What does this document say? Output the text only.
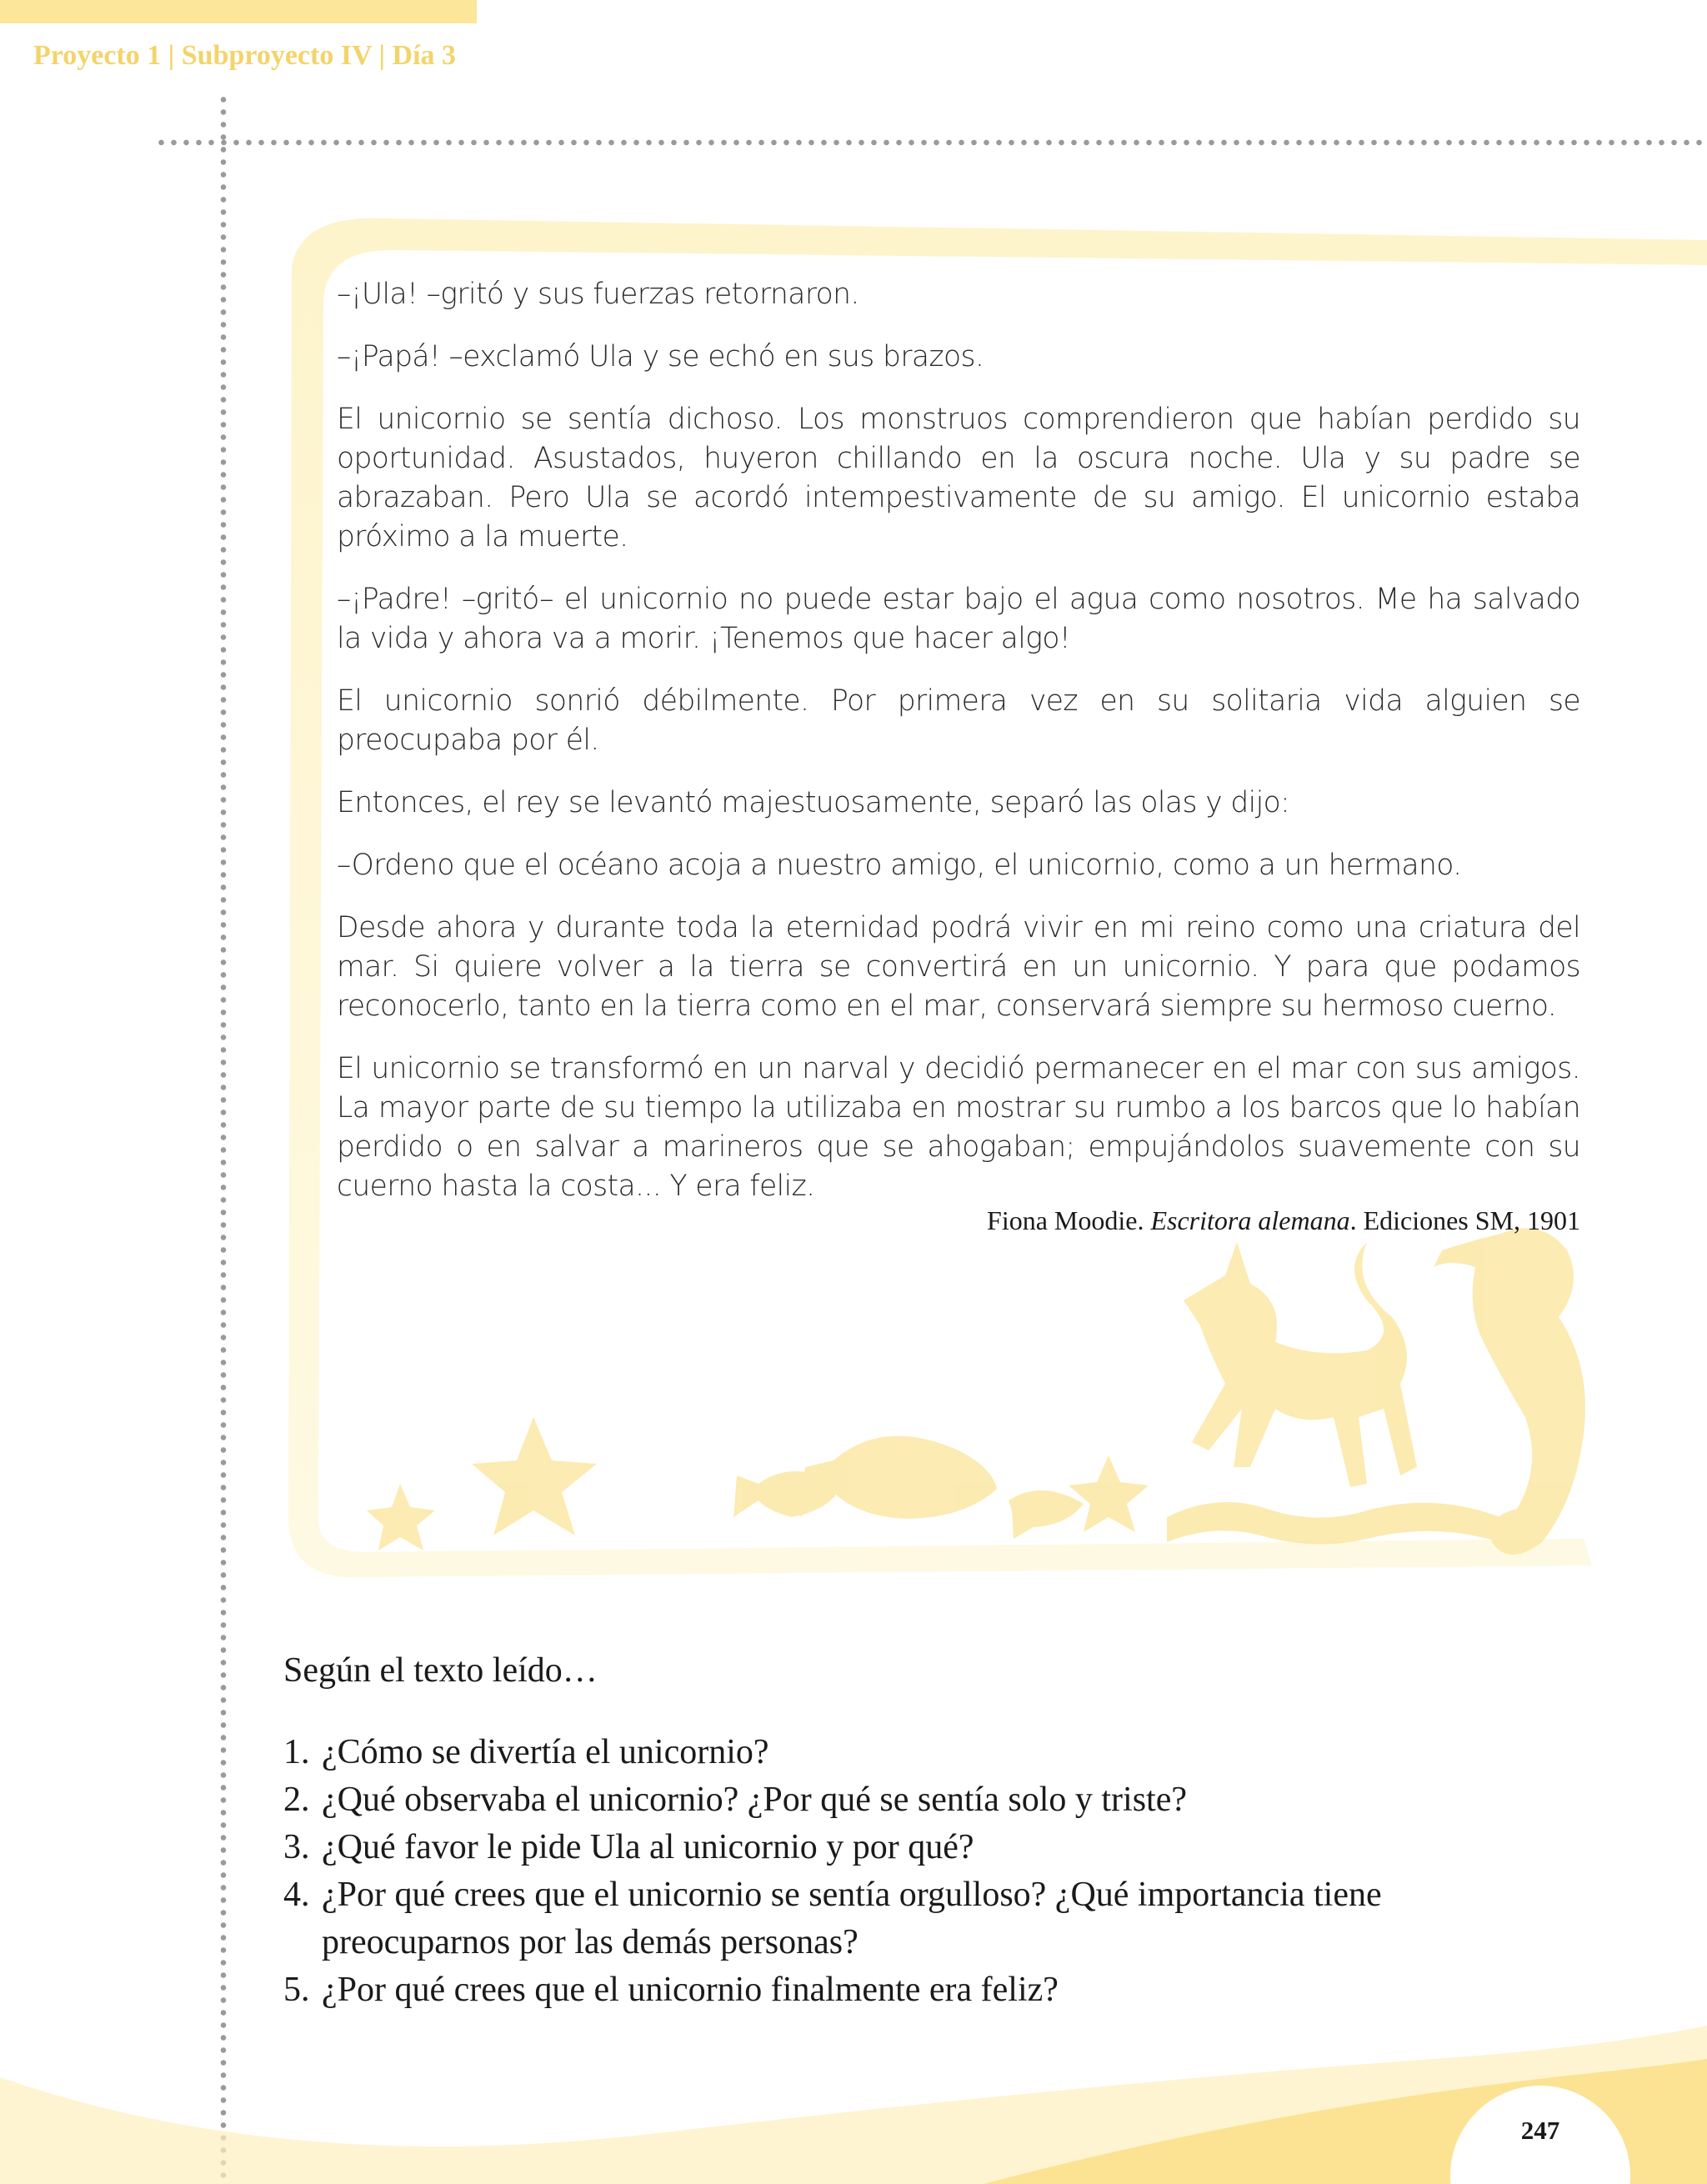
Proyecto 1 | Subproyecto IV | Día 3

–¡Ula! –gritó y sus fuerzas retornaron.

–¡Papá! –exclamó Ula y se echó en sus brazos.

El unicornio se sentía dichoso. Los monstruos comprendieron que habían perdido su oportunidad. Asustados, huyeron chillando en la oscura noche. Ula y su padre se abrazaban. Pero Ula se acordó intempestivamente de su amigo. El unicornio estaba próximo a la muerte.

–¡Padre! –gritó– el unicornio no puede estar bajo el agua como nosotros. Me ha salvado la vida y ahora va a morir. ¡Tenemos que hacer algo!

El unicornio sonrió débilmente. Por primera vez en su solitaria vida alguien se preocupaba por él.

Entonces, el rey se levantó majestuosamente, separó las olas y dijo:

–Ordeno que el océano acoja a nuestro amigo, el unicornio, como a un hermano.

Desde ahora y durante toda la eternidad podrá vivir en mi reino como una criatura del mar. Si quiere volver a la tierra se convertirá en un unicornio. Y para que podamos reconocerlo, tanto en la tierra como en el mar, conservará siempre su hermoso cuerno.

El unicornio se transformó en un narval y decidió permanecer en el mar con sus amigos. La mayor parte de su tiempo la utilizaba en mostrar su rumbo a los barcos que lo habían perdido o en salvar a marineros que se ahogaban; empujándolos suavemente con su cuerno hasta la costa... Y era feliz.

Fiona Moodie. Escritora alemana. Ediciones SM, 1901
Según el texto leído…
1. ¿Cómo se divertía el unicornio?
2. ¿Qué observaba el unicornio? ¿Por qué se sentía solo y triste?
3. ¿Qué favor le pide Ula al unicornio y por qué?
4. ¿Por qué crees que el unicornio se sentía orgulloso? ¿Qué importancia tiene preocuparnos por las demás personas?
5. ¿Por qué crees que el unicornio finalmente era feliz?
247
